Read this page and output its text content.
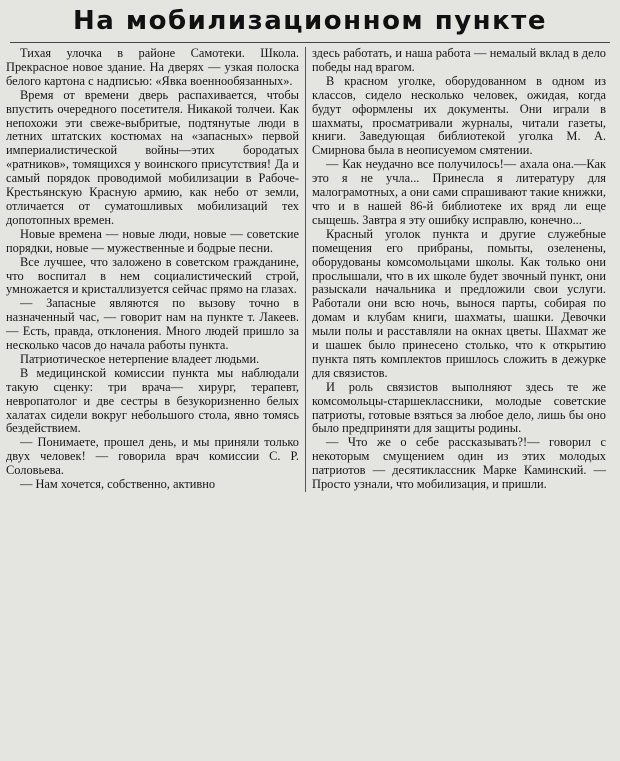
На мобилизационном пункте

Тихая улочка в районе Самотеки. Школа. Прекрасное новое здание. На дверях — узкая полоска белого картона с надписью: «Явка военнообязанных».

Время от времени дверь распахивается, чтобы впустить очередного посетителя. Никакой толчеи. Как непохожи эти свеже-выбритые, подтянутые люди в летних штатских костюмах на «запасных» первой империалистической войны—этих бородатых «ратников», томящихся у воинского присутствия! Да и самый порядок проводимой мобилизации в Рабоче-Крестьянскую Красную армию, как небо от земли, отличается от суматошливых мобилизаций тех допотопных времен.

Новые времена — новые люди, новые — советские порядки, новые — мужественные и бодрые песни.

Все лучшее, что заложено в советском гражданине, что воспитал в нем социалистический строй, умножается и кристаллизуется сейчас прямо на глазах.

— Запасные являются по вызову точно в назначенный час, — говорит нам на пункте т. Лакеев. — Есть, правда, отклонения. Много людей пришло за несколько часов до начала работы пункта.

Патриотическое нетерпение владеет людьми.

В медицинской комиссии пункта мы наблюдали такую сценку: три врача— хирург, терапевт, невропатолог и две сестры в безукоризненно белых халатах сидели вокруг небольшого стола, явно томясь бездействием.

— Понимаете, прошел день, и мы приняли только двух человек! — говорила врач комиссии С. Р. Соловьева.

— Нам хочется, собственно, активно

здесь работать, и наша работа — немалый вклад в дело победы над врагом.

В красном уголке, оборудованном в одном из классов, сидело несколько человек, ожидая, когда будут оформлены их документы. Они играли в шахматы, просматривали журналы, читали газеты, книги. Заведующая библиотекой уголка М. А. Смирнова была в неописуемом смятении.

— Как неудачно все получилось!— ахала она.—Как это я не учла... Принесла я литературу для малограмотных, а они сами спрашивают такие книжки, что и в нашей 86-й библиотеке их вряд ли еще сыщешь. Завтра я эту ошибку исправлю, конечно...

Красный уголок пункта и другие служебные помещения его прибраны, помыты, озеленены, оборудованы комсомольцами школы. Как только они прослышали, что в их школе будет звочный пункт, они разыскали начальника и предложили свои услуги. Работали они всю ночь, вынося парты, собирая по домам и клубам книги, шахматы, шашки. Девочки мыли полы и расставляли на окнах цветы. Шахмат же и шашек было принесено столько, что к открытию пункта пять комплектов пришлось сложить в дежурке для связистов.

И роль связистов выполняют здесь те же комсомольцы-старшеклассники, молодые советские патриоты, готовые взяться за любое дело, лишь бы оно было предприняти для защиты родины.

— Что же о себе рассказывать?!— говорил с некоторым смущением один из этих молодых патриотов — десятиклассник Марке Каминский. — Просто узнали, что мобилизация, и пришли.
